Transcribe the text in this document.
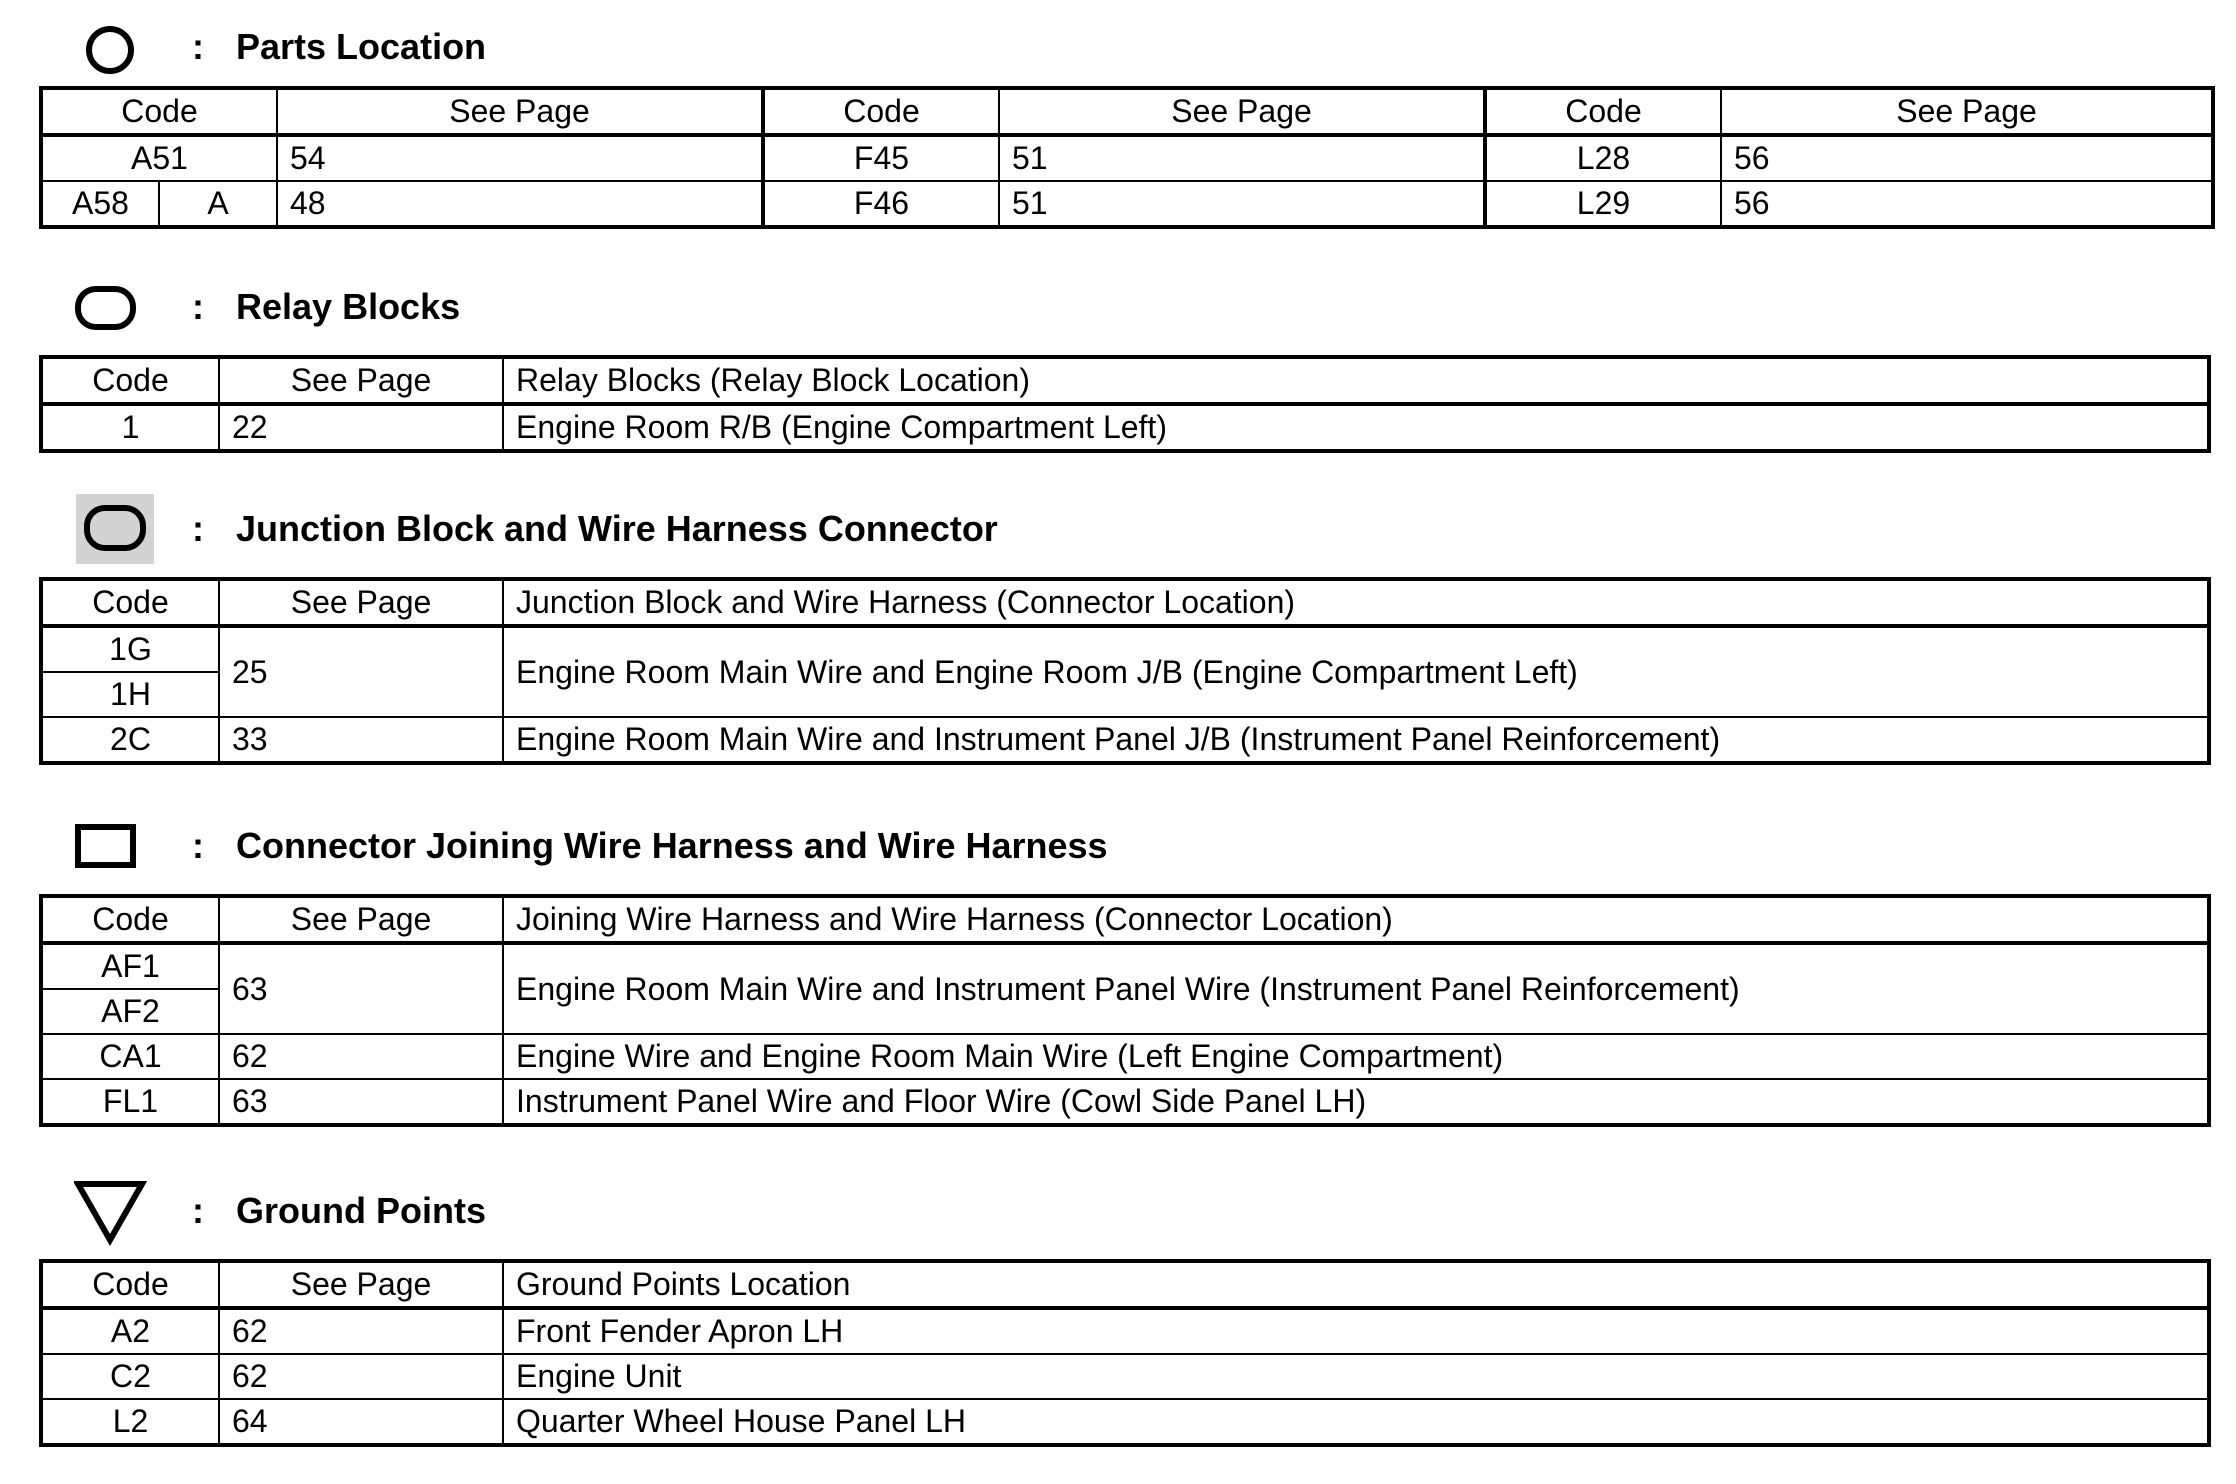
: Parts Location
Code		See Page	Code	See Page	Code	See Page
A51		54	F45	51	L28	56
A58	A	48	F46	51	L29	56
: Relay Blocks
Code	See Page	Relay Blocks (Relay Block Location)
1	22	Engine Room R/B (Engine Compartment Left)
: Junction Block and Wire Harness Connector
Code	See Page	Junction Block and Wire Harness (Connector Location)
1G	25	Engine Room Main Wire and Engine Room J/B (Engine Compartment Left)
1H		
2C	33	Engine Room Main Wire and Instrument Panel J/B (Instrument Panel Reinforcement)
: Connector Joining Wire Harness and Wire Harness
Code	See Page	Joining Wire Harness and Wire Harness (Connector Location)
AF1	63	Engine Room Main Wire and Instrument Panel Wire (Instrument Panel Reinforcement)
AF2		
CA1	62	Engine Wire and Engine Room Main Wire (Left Engine Compartment)
FL1	63	Instrument Panel Wire and Floor Wire (Cowl Side Panel LH)
: Ground Points
Code	See Page	Ground Points Location
A2	62	Front Fender Apron LH
C2	62	Engine Unit
L2	64	Quarter Wheel House Panel LH
